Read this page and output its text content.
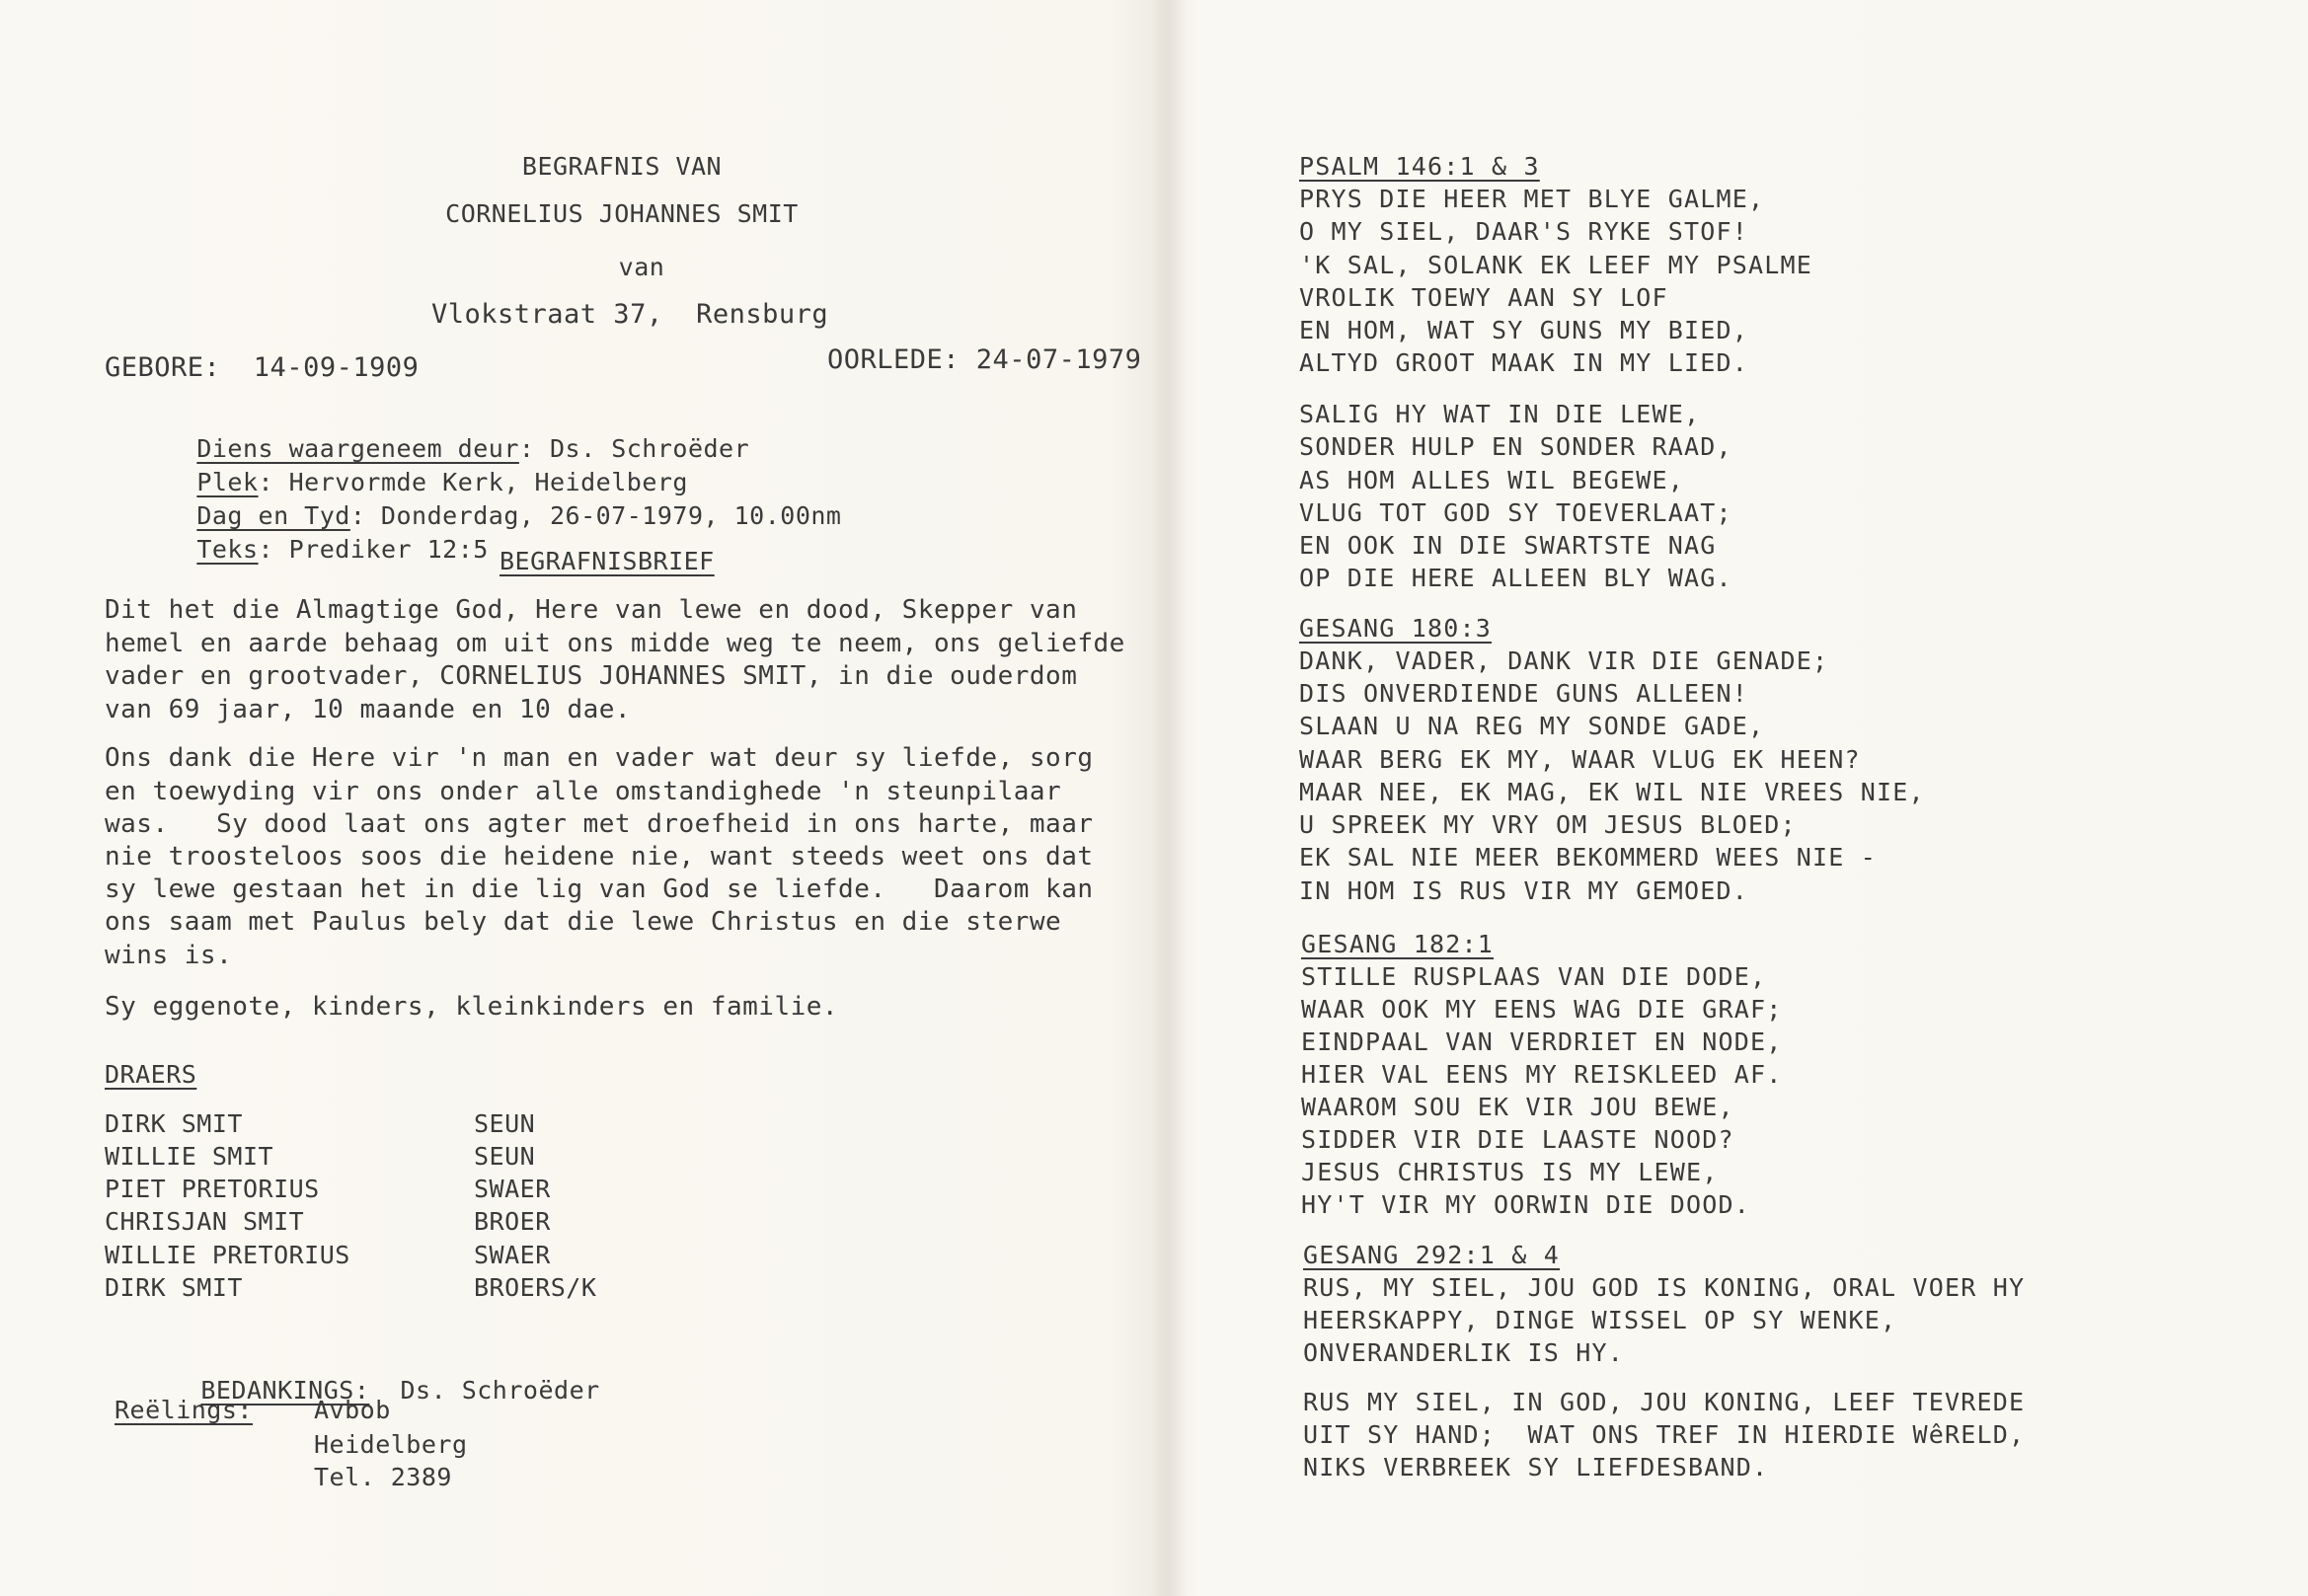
BEGRAFNIS VAN
CORNELIUS JOHANNES SMIT
van
Vlokstraat 37,  Rensburg
GEBORE:  14-09-1909	OORLEDE: 24-07-1979

Diens waargeneem deur: Ds. Schroëder

Plek: Hervormde Kerk, Heidelberg

Dag en Tyd: Donderdag, 26-07-1979, 10.00nm

Teks: Prediker 12:5
BEGRAFNISBRIEF
Dit het die Almagtige God, Here van lewe en dood, Skepper van
hemel en aarde behaag om uit ons midde weg te neem, ons geliefde
vader en grootvader, CORNELIUS JOHANNES SMIT, in die ouderdom
van 69 jaar, 10 maande en 10 dae.
Ons dank die Here vir 'n man en vader wat deur sy liefde, sorg
en toewyding vir ons onder alle omstandighede 'n steunpilaar
was.   Sy dood laat ons agter met droefheid in ons harte, maar
nie troosteloos soos die heidene nie, want steeds weet ons dat
sy lewe gestaan het in die lig van God se liefde.   Daarom kan
ons saam met Paulus bely dat die lewe Christus en die sterwe
wins is.
Sy eggenote, kinders, kleinkinders en familie.
DRAERS
DIRK SMIT	SEUN
WILLIE SMIT	SEUN
PIET PRETORIUS	SWAER
CHRISJAN SMIT	BROER
WILLIE PRETORIUS	SWAER
DIRK SMIT	BROERS/K

BEDANKINGS: Ds. Schroëder

Reëlings: Avbob
Heidelberg
Tel. 2389
PSALM 146:1 & 3
PRYS DIE HEER MET BLYE GALME,
O MY SIEL, DAAR'S RYKE STOF!
'K SAL, SOLANK EK LEEF MY PSALME
VROLIK TOEWY AAN SY LOF
EN HOM, WAT SY GUNS MY BIED,
ALTYD GROOT MAAK IN MY LIED.
SALIG HY WAT IN DIE LEWE,
SONDER HULP EN SONDER RAAD,
AS HOM ALLES WIL BEGEWE,
VLUG TOT GOD SY TOEVERLAAT;
EN OOK IN DIE SWARTSTE NAG
OP DIE HERE ALLEEN BLY WAG.
GESANG 180:3
DANK, VADER, DANK VIR DIE GENADE;
DIS ONVERDIENDE GUNS ALLEEN!
SLAAN U NA REG MY SONDE GADE,
WAAR BERG EK MY, WAAR VLUG EK HEEN?
MAAR NEE, EK MAG, EK WIL NIE VREES NIE,
U SPREEK MY VRY OM JESUS BLOED;
EK SAL NIE MEER BEKOMMERD WEES NIE -
IN HOM IS RUS VIR MY GEMOED.
GESANG 182:1
STILLE RUSPLAAS VAN DIE DODE,
WAAR OOK MY EENS WAG DIE GRAF;
EINDPAAL VAN VERDRIET EN NODE,
HIER VAL EENS MY REISKLEED AF.
WAAROM SOU EK VIR JOU BEWE,
SIDDER VIR DIE LAASTE NOOD?
JESUS CHRISTUS IS MY LEWE,
HY'T VIR MY OORWIN DIE DOOD.
GESANG 292:1 & 4
RUS, MY SIEL, JOU GOD IS KONING, ORAL VOER HY
HEERSKAPPY, DINGE WISSEL OP SY WENKE,
ONVERANDERLIK IS HY.
RUS MY SIEL, IN GOD, JOU KONING, LEEF TEVREDE
UIT SY HAND;  WAT ONS TREF IN HIERDIE WêRELD,
NIKS VERBREEK SY LIEFDESBAND.
